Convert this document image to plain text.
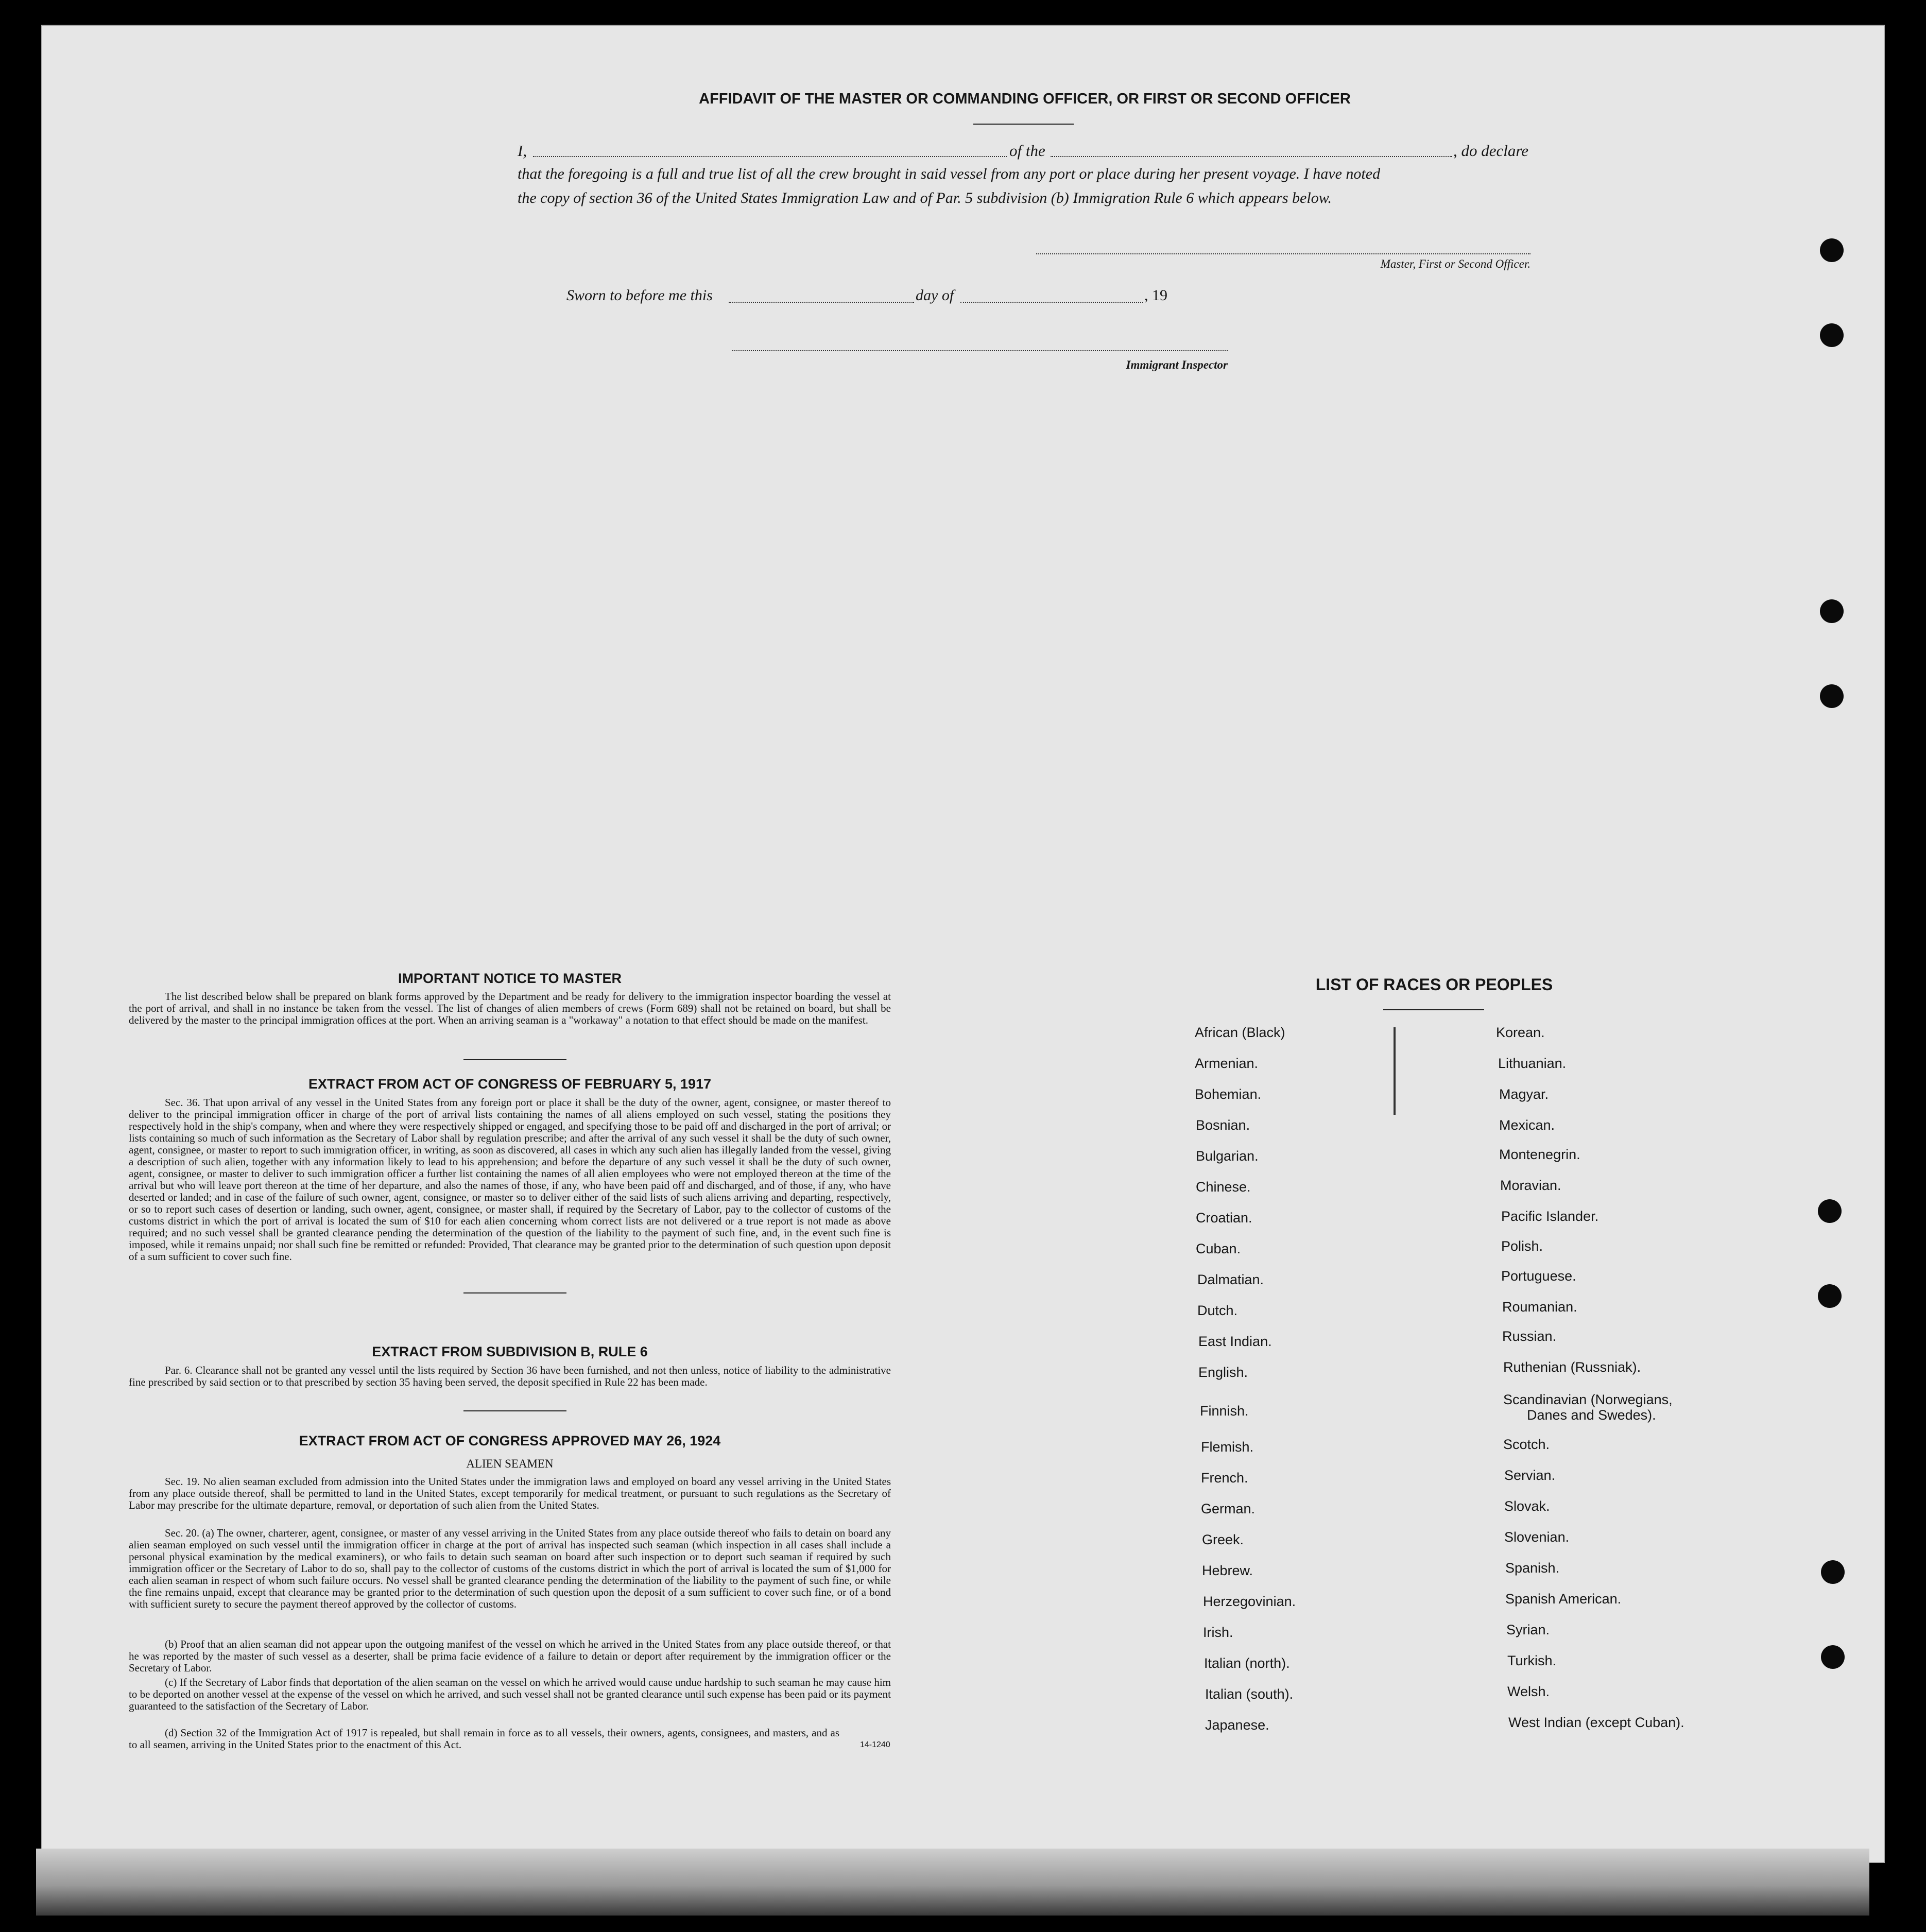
AFFIDAVIT OF THE MASTER OR COMMANDING OFFICER, OR FIRST OR SECOND OFFICER
I,	of the	, do declare
that the foregoing is a full and true list of all the crew brought in said vessel from any port or place during her present voyage. I have noted
the copy of section 36 of the United States Immigration Law and of Par. 5 subdivision (b) Immigration Rule 6 which appears below.
Master, First or Second Officer.
Sworn to before me this	day of	, 19
Immigrant Inspector
IMPORTANT NOTICE TO MASTER
The list described below shall be prepared on blank forms approved by the Department and be ready for delivery to the immigration inspector boarding the vessel at the port of arrival, and shall in no instance be taken from the vessel. The list of changes of alien members of crews (Form 689) shall not be retained on board, but shall be delivered by the master to the principal immigration offices at the port. When an arriving seaman is a "workaway" a notation to that effect should be made on the manifest.
EXTRACT FROM ACT OF CONGRESS OF FEBRUARY 5, 1917
Sec. 36. That upon arrival of any vessel in the United States from any foreign port or place it shall be the duty of the owner, agent, consignee, or master thereof to deliver to the principal immigration officer in charge of the port of arrival lists containing the names of all aliens employed on such vessel, stating the positions they respectively hold in the ship's company, when and where they were respectively shipped or engaged, and specifying those to be paid off and discharged in the port of arrival; or lists containing so much of such information as the Secretary of Labor shall by regulation prescribe; and after the arrival of any such vessel it shall be the duty of such owner, agent, consignee, or master to report to such immigration officer, in writing, as soon as discovered, all cases in which any such alien has illegally landed from the vessel, giving a description of such alien, together with any information likely to lead to his apprehension; and before the departure of any such vessel it shall be the duty of such owner, agent, consignee, or master to deliver to such immigration officer a further list containing the names of all alien employees who were not employed thereon at the time of the arrival but who will leave port thereon at the time of her departure, and also the names of those, if any, who have been paid off and discharged, and of those, if any, who have deserted or landed; and in case of the failure of such owner, agent, consignee, or master so to deliver either of the said lists of such aliens arriving and departing, respectively, or so to report such cases of desertion or landing, such owner, agent, consignee, or master shall, if required by the Secretary of Labor, pay to the collector of customs of the customs district in which the port of arrival is located the sum of $10 for each alien concerning whom correct lists are not delivered or a true report is not made as above required; and no such vessel shall be granted clearance pending the determination of the question of the liability to the payment of such fine, and, in the event such fine is imposed, while it remains unpaid; nor shall such fine be remitted or refunded: Provided, That clearance may be granted prior to the determination of such question upon deposit of a sum sufficient to cover such fine.
EXTRACT FROM SUBDIVISION B, RULE 6
Par. 6. Clearance shall not be granted any vessel until the lists required by Section 36 have been furnished, and not then unless, notice of liability to the administrative fine prescribed by said section or to that prescribed by section 35 having been served, the deposit specified in Rule 22 has been made.
EXTRACT FROM ACT OF CONGRESS APPROVED MAY 26, 1924
ALIEN SEAMEN
Sec. 19. No alien seaman excluded from admission into the United States under the immigration laws and employed on board any vessel arriving in the United States from any place outside thereof, shall be permitted to land in the United States, except temporarily for medical treatment, or pursuant to such regulations as the Secretary of Labor may prescribe for the ultimate departure, removal, or deportation of such alien from the United States.
Sec. 20. (a) The owner, charterer, agent, consignee, or master of any vessel arriving in the United States from any place outside thereof who fails to detain on board any alien seaman employed on such vessel until the immigration officer in charge at the port of arrival has inspected such seaman (which inspection in all cases shall include a personal physical examination by the medical examiners), or who fails to detain such seaman on board after such inspection or to deport such seaman if required by such immigration officer or the Secretary of Labor to do so, shall pay to the collector of customs of the customs district in which the port of arrival is located the sum of $1,000 for each alien seaman in respect of whom such failure occurs. No vessel shall be granted clearance pending the determination of the liability to the payment of such fine, or while the fine remains unpaid, except that clearance may be granted prior to the determination of such question upon the deposit of a sum sufficient to cover such fine, or of a bond with sufficient surety to secure the payment thereof approved by the collector of customs.
(b) Proof that an alien seaman did not appear upon the outgoing manifest of the vessel on which he arrived in the United States from any place outside thereof, or that he was reported by the master of such vessel as a deserter, shall be prima facie evidence of a failure to detain or deport after requirement by the immigration officer or the Secretary of Labor.
(c) If the Secretary of Labor finds that deportation of the alien seaman on the vessel on which he arrived would cause undue hardship to such seaman he may cause him to be deported on another vessel at the expense of the vessel on which he arrived, and such vessel shall not be granted clearance until such expense has been paid or its payment guaranteed to the satisfaction of the Secretary of Labor.
(d) Section 32 of the Immigration Act of 1917 is repealed, but shall remain in force as to all vessels, their owners, agents, consignees, and masters, and as to all seamen, arriving in the United States prior to the enactment of this Act.	14-1240
LIST OF RACES OR PEOPLES
African (Black)
Armenian.
Bohemian.
Bosnian.
Bulgarian.
Chinese.
Croatian.
Cuban.
Dalmatian.
Dutch.
East Indian.
English.
Finnish.
Flemish.
French.
German.
Greek.
Hebrew.
Herzegovinian.
Irish.
Italian (north).
Italian (south).
Japanese.
Korean.
Lithuanian.
Magyar.
Mexican.
Montenegrin.
Moravian.
Pacific Islander.
Polish.
Portuguese.
Roumanian.
Russian.
Ruthenian (Russniak).
Scandinavian (Norwegians,
Danes and Swedes).
Scotch.
Servian.
Slovak.
Slovenian.
Spanish.
Spanish American.
Syrian.
Turkish.
Welsh.
West Indian (except Cuban).
